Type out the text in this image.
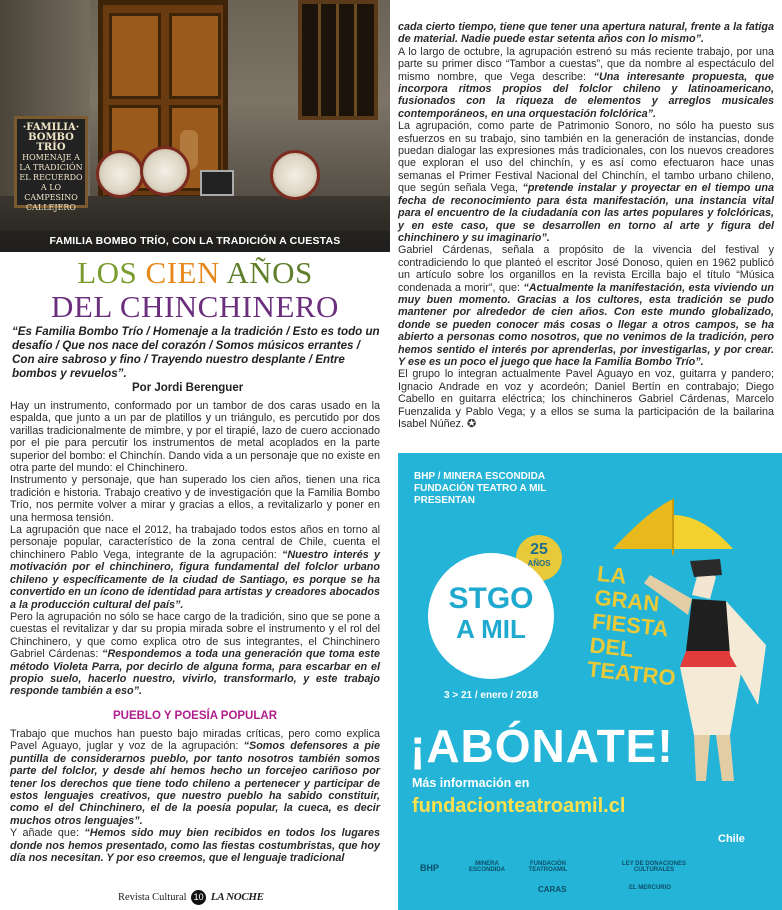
·FAMILIA·
BOMBO TRÍO
HOMENAJE A
LA TRADICIÓN
EL RECUERDO
A LO CAMPESINO
CALLEJERO
FAMILIA BOMBO TRÍO, CON LA TRADICIÓN A CUESTAS
LOS CIEN AÑOS
DEL CHINCHINERO
“Es Familia Bombo Trío / Homenaje a la tradición / Esto es todo un desafío / Que nos nace del corazón / Somos músicos errantes / Con aire sabroso y fino / Trayendo nuestro desplante / Entre bombos y revuelos”.
Por Jordi Berenguer

Hay un instrumento, conformado por un tambor de dos caras usado en la espalda, que junto a un par de platillos y un triángulo, es percutido por dos varillas tradicionalmente de mimbre, y por el tirapié, lazo de cuero accionado por el pie para percutir los instrumentos de metal acoplados en la parte superior del bombo: el Chinchín. Dando vida a un personaje que no existe en otra parte del mundo: el Chinchinero.

Instrumento y personaje, que han superado los cien años, tienen una rica tradición e historia. Trabajo creativo y de investigación que la Familia Bombo Trío, nos permite volver a mirar y gracias a ellos, a revitalizarlo y poner en una hermosa tensión.

La agrupación que nace el 2012, ha trabajado todos estos años en torno al personaje popular, característico de la zona central de Chile, cuenta el chinchinero Pablo Vega, integrante de la agrupación: “Nuestro interés y motivación por el chinchinero, figura fundamental del folclor urbano chileno y específicamente de la ciudad de Santiago, es porque se ha convertido en un ícono de identidad para artistas y creadores abocados a la producción cultural del país”.

Pero la agrupación no sólo se hace cargo de la tradición, sino que se pone a cuestas el revitalizar y dar su propia mirada sobre el instrumento y el rol del Chinchinero, y que como explica otro de sus integrantes, el Chinchinero Gabriel Cárdenas: “Respondemos a toda una generación que toma este método Violeta Parra, por decirlo de alguna forma, para escarbar en el propio suelo, hacerlo nuestro, vivirlo, transformarlo, y este trabajo responde también a eso”.

PUEBLO Y POESÍA POPULAR

Trabajo que muchos han puesto bajo miradas críticas, pero como explica Pavel Aguayo, juglar y voz de la agrupación: “Somos defensores a pie puntilla de considerarnos pueblo, por tanto nosotros también somos parte del folclor, y desde ahí hemos hecho un forcejeo cariñoso por tener los derechos que tiene todo chileno a pertenecer y participar de estos lenguajes creativos, que nuestro pueblo ha sabido constituir, como el del Chinchinero, el de la poesía popular, la cueca, es decir muchos otros lenguajes”.

Y añade que: “Hemos sido muy bien recibidos en todos los lugares donde nos hemos presentado, como las fiestas costumbristas, que hoy día nos necesitan. Y por eso creemos, que el lenguaje tradicional

Revista Cultural 10 LA NOCHE

cada cierto tiempo, tiene que tener una apertura natural, frente a la fatiga de material. Nadie puede estar setenta años con lo mismo”.

A lo largo de octubre, la agrupación estrenó su más reciente trabajo, por una parte su primer disco “Tambor a cuestas”, que da nombre al espectáculo del mismo nombre, que Vega describe: “Una interesante propuesta, que incorpora ritmos propios del folclor chileno y latinoamericano, fusionados con la riqueza de elementos y arreglos musicales contemporáneos, en una orquestación folclórica”.

La agrupación, como parte de Patrimonio Sonoro, no sólo ha puesto sus esfuerzos en su trabajo, sino también en la generación de instancias, donde puedan dialogar las expresiones más tradicionales, con los nuevos creadores que exploran el uso del chinchín, y es así como efectuaron hace unas semanas el Primer Festival Nacional del Chinchín, el tambo urbano chileno, que según señala Vega, “pretende instalar y proyectar en el tiempo una fecha de reconocimiento para ésta manifestación, una instancia vital para el encuentro de la ciudadanía con las artes populares y folclóricas, y en este caso, que se desarrollen en torno al arte y figura del chinchinero y su imaginario”.

Gabriel Cárdenas, señala a propósito de la vivencia del festival y contradiciendo lo que planteó el escritor José Donoso, quien en 1962 publicó un artículo sobre los organillos en la revista Ercilla bajo el título “Música condenada a morir”, que: “Actualmente la manifestación, esta viviendo un muy buen momento. Gracias a los cultores, esta tradición se pudo mantener por alrededor de cien años. Con este mundo globalizado, donde se pueden conocer más cosas o llegar a otros campos, se ha abierto a personas como nosotros, que no venimos de la tradición, pero hemos sentido el interés por aprenderlas, por investigarlas, y por crear. Y ese es un poco el juego que hace la Familia Bombo Trío”.

El grupo lo integran actualmente Pavel Aguayo en voz, guitarra y pandero; Ignacio Andrade en voz y acordeón; Daniel Bertín en contrabajo; Diego Cabello en guitarra eléctrica; los chinchineros Gabriel Cárdenas, Marcelo Fuenzalida y Pablo Vega; y a ellos se suma la participación de la bailarina Isabel Núñez. ✪

BHP / MINERA ESCONDIDA
FUNDACIÓN TEATRO A MIL
PRESENTAN
25
AÑOS
STGO
A MIL
LA
GRAN
FIESTA
DEL
TEATRO
3 > 21 / enero / 2018
¡ABÓNATE!
Más información en
fundacionteatroamil.cl
BHP	MINERA ESCONDIDA
FUNDACIÓN TEATROAMIL
LEY DE DONACIONES CULTURALES
CARAS	EL MERCURIO
Chile
